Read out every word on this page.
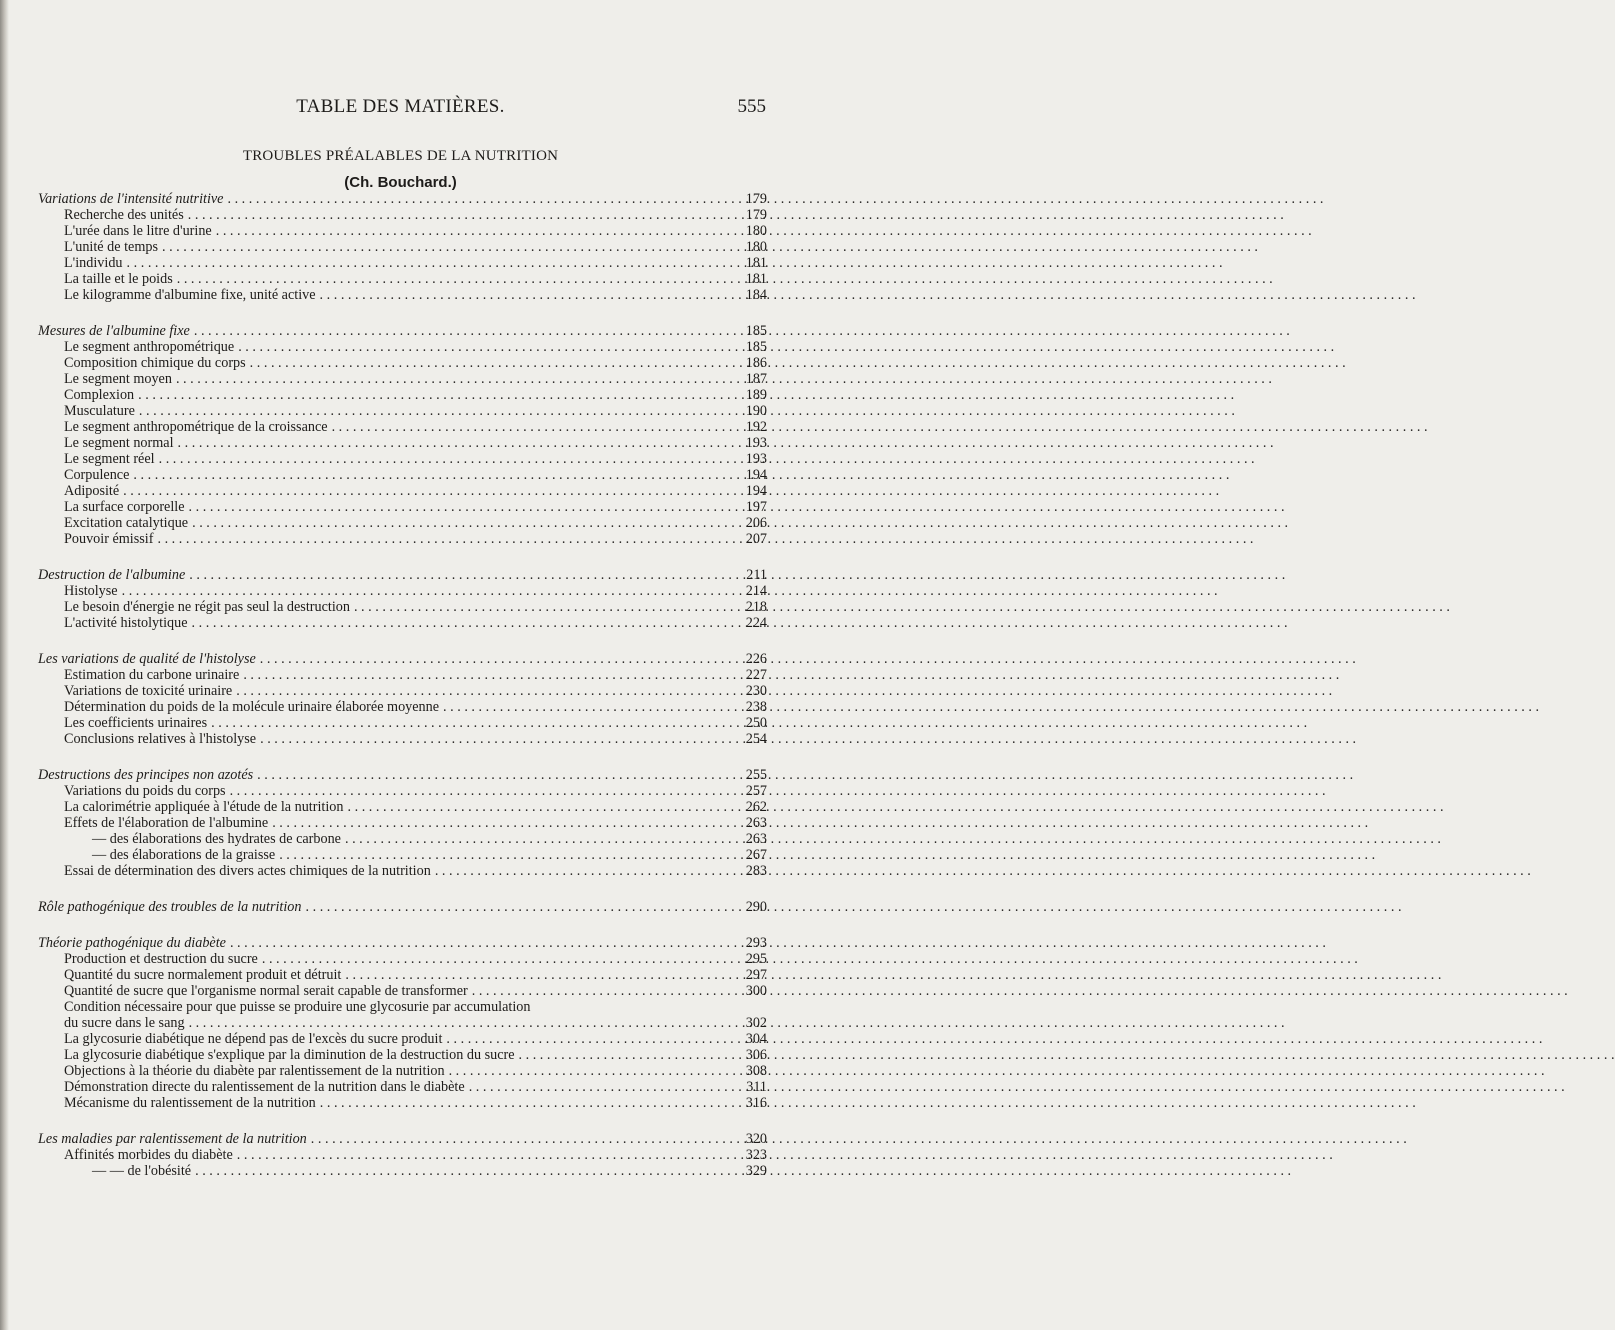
TABLE DES MATIÈRES.	555
TROUBLES PRÉALABLES DE LA NUTRITION
(Ch. Bouchard.)
Variations de l'intensité nutritive . . .	179
Recherche des unités . . .	179
L'urée dans le litre d'urine . . .	180
L'unité de temps . . .	180
L'individu . . .	181
La taille et le poids . . .	181
Le kilogramme d'albumine fixe, unité active . . .	184
Mesures de l'albumine fixe . . .	185
Le segment anthropométrique . . .	185
Composition chimique du corps . . .	186
Le segment moyen . . .	187
Complexion . . .	189
Musculature . . .	190
Le segment anthropométrique de la croissance . . .	192
Le segment normal . . .	193
Le segment réel . . .	193
Corpulence . . .	194
Adiposité . . .	194
La surface corporelle . . .	197
Excitation catalytique . . .	206
Pouvoir émissif . . .	207
Destruction de l'albumine . . .	211
Histolyse . . .	214
Le besoin d'énergie ne régit pas seul la destruction . . .	218
L'activité histolytique . . .	224
Les variations de qualité de l'histolyse . . .	226
Estimation du carbone urinaire . . .	227
Variations de toxicité urinaire . . .	230
Détermination du poids de la molécule urinaire élaborée moyenne . . .	238
Les coefficients urinaires . . .	250
Conclusions relatives à l'histolyse . . .	254
Destructions des principes non azotés . . .	255
Variations du poids du corps . . .	257
La calorimétrie appliquée à l'étude de la nutrition . . .	262
Effets de l'élaboration de l'albumine . . .	263
— des élaborations des hydrates de carbone . . .	263
— des élaborations de la graisse . . .	267
Essai de détermination des divers actes chimiques de la nutrition . . .	283
Rôle pathogénique des troubles de la nutrition . . .	290
Théorie pathogénique du diabète . . .	293
Production et destruction du sucre . . .	295
Quantité du sucre normalement produit et détruit . . .	297
Quantité de sucre que l'organisme normal serait capable de transformer . . .	300
Condition nécessaire pour que puisse se produire une glycosurie par accumulation
du sucre dans le sang . . .	302
La glycosurie diabétique ne dépend pas de l'excès du sucre produit . . .	304
La glycosurie diabétique s'explique par la diminution de la destruction du sucre . . .	306
Objections à la théorie du diabète par ralentissement de la nutrition . . .	308
Démonstration directe du ralentissement de la nutrition dans le diabète . . .	311
Mécanisme du ralentissement de la nutrition . . .	316
Les maladies par ralentissement de la nutrition . . .	320
Affinités morbides du diabète . . .	323
— — de l'obésité . . .	329
